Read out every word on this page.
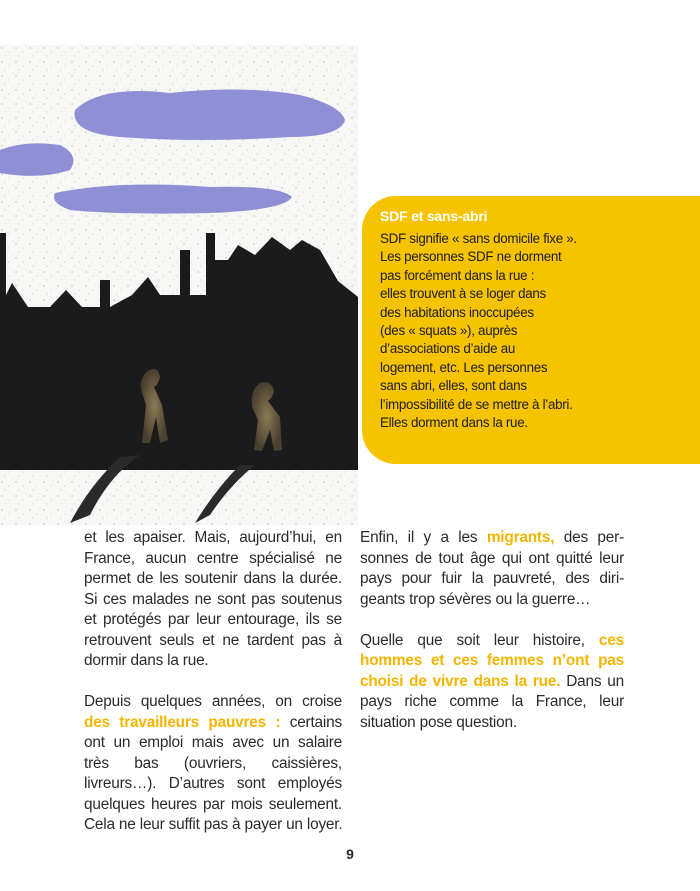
SDF et sans-abri
SDF signifie « sans domicile fixe ».
Les personnes SDF ne dorment
pas forcément dans la rue :
elles trouvent à se loger dans
des habitations inoccupées
(des « squats »), auprès
d’associations d’aide au
logement, etc. Les personnes
sans abri, elles, sont dans
l’impossibilité de se mettre à l’abri.
Elles dorment dans la rue.
et les apaiser. Mais, aujourd’hui, en
France, aucun centre spécialisé ne
permet de les soutenir dans la durée.
Si ces malades ne sont pas soutenus
et protégés par leur entourage, ils se
retrouvent seuls et ne tardent pas à
dormir dans la rue.
Depuis quelques années, on croise
des travailleurs pauvres : certains
ont un emploi mais avec un salaire
très bas (ouvriers, caissières,
livreurs…). D’autres sont employés
quelques heures par mois seulement.
Cela ne leur suffit pas à payer un loyer.
Enfin, il y a les migrants, des per-
sonnes de tout âge qui ont quitté leur
pays pour fuir la pauvreté, des diri-
geants trop sévères ou la guerre…
Quelle que soit leur histoire, ces
hommes et ces femmes n’ont pas
choisi de vivre dans la rue. Dans un
pays riche comme la France, leur
situation pose question.
9
